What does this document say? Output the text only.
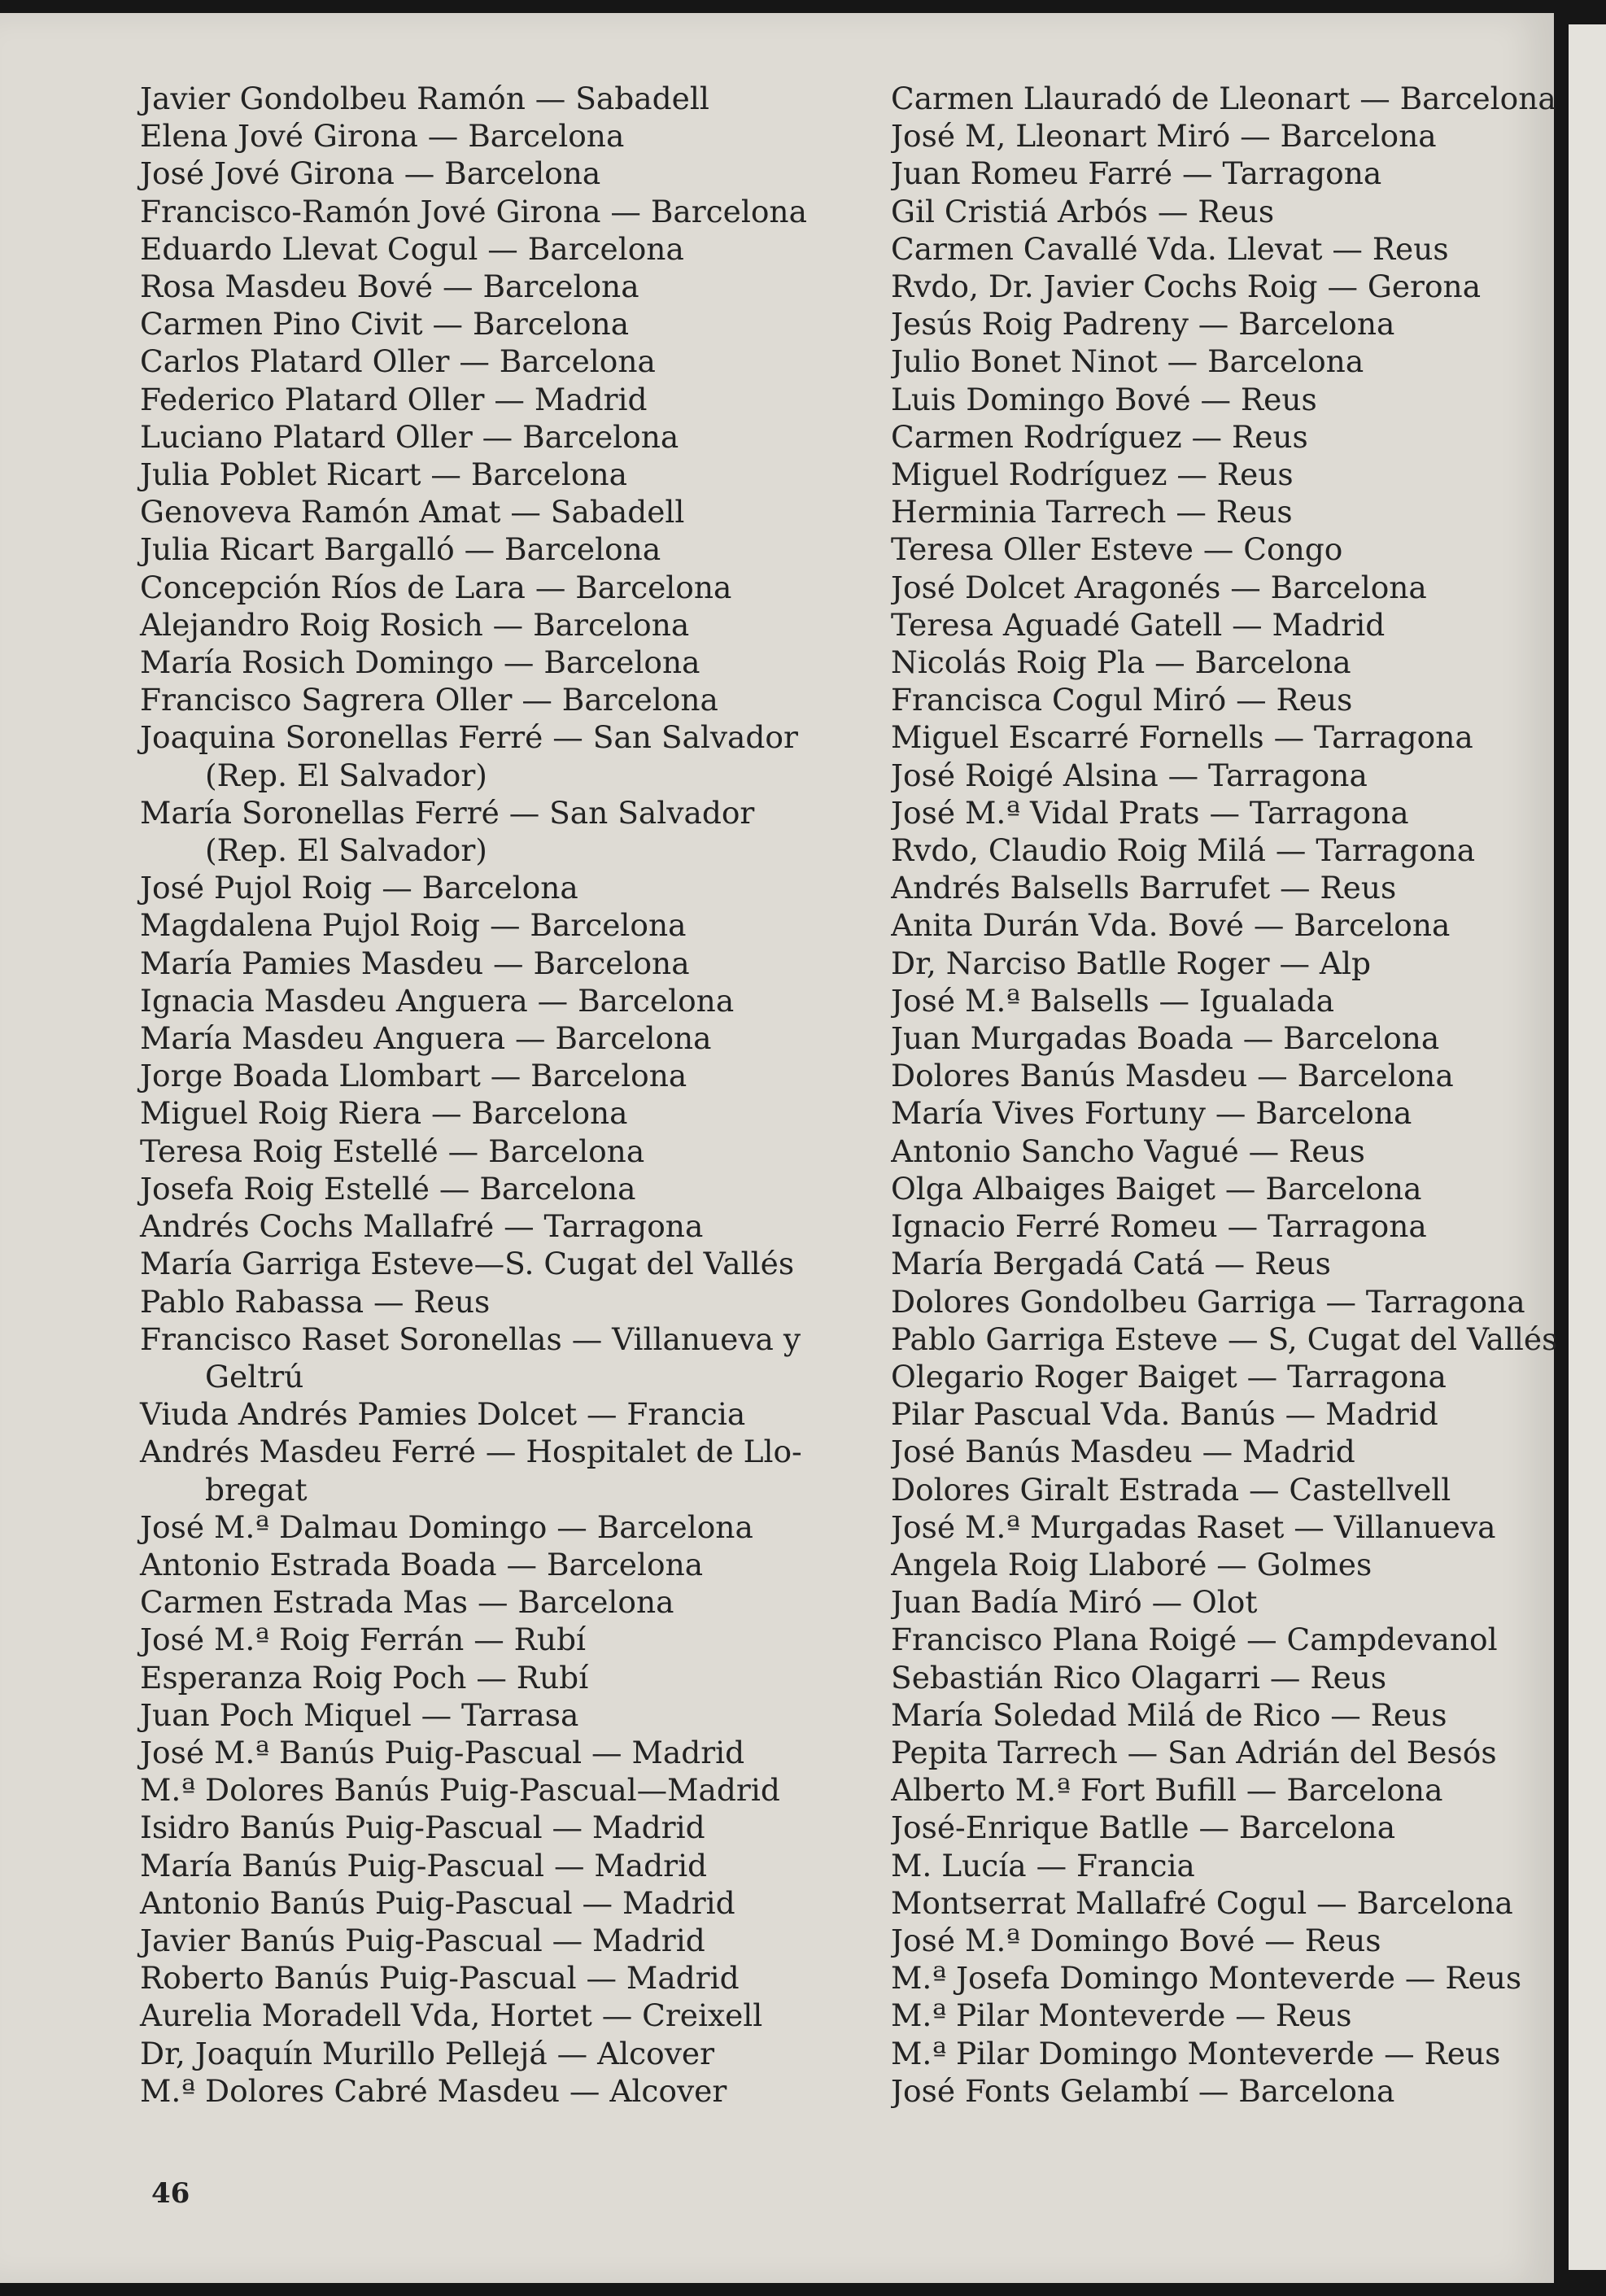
Javier Gondolbeu Ramón — Sabadell
Elena Jové Girona — Barcelona
José Jové Girona — Barcelona
Francisco-Ramón Jové Girona — Barcelona
Eduardo Llevat Cogul — Barcelona
Rosa Masdeu Bové — Barcelona
Carmen Pino Civit — Barcelona
Carlos Platard Oller — Barcelona
Federico Platard Oller — Madrid
Luciano Platard Oller — Barcelona
Julia Poblet Ricart — Barcelona
Genoveva Ramón Amat — Sabadell
Julia Ricart Bargalló — Barcelona
Concepción Ríos de Lara — Barcelona
Alejandro Roig Rosich — Barcelona
María Rosich Domingo — Barcelona
Francisco Sagrera Oller — Barcelona
Joaquina Soronellas Ferré — San Salvador
(Rep. El Salvador)
María Soronellas Ferré — San Salvador
(Rep. El Salvador)
José Pujol Roig — Barcelona
Magdalena Pujol Roig — Barcelona
María Pamies Masdeu — Barcelona
Ignacia Masdeu Anguera — Barcelona
María Masdeu Anguera — Barcelona
Jorge Boada Llombart — Barcelona
Miguel Roig Riera — Barcelona
Teresa Roig Estellé — Barcelona
Josefa Roig Estellé — Barcelona
Andrés Cochs Mallafré — Tarragona
María Garriga Esteve—S. Cugat del Vallés
Pablo Rabassa — Reus
Francisco Raset Soronellas — Villanueva y
Geltrú
Viuda Andrés Pamies Dolcet — Francia
Andrés Masdeu Ferré — Hospitalet de Llo-
bregat
José M.ª Dalmau Domingo — Barcelona
Antonio Estrada Boada — Barcelona
Carmen Estrada Mas — Barcelona
José M.ª Roig Ferrán — Rubí
Esperanza Roig Poch — Rubí
Juan Poch Miquel — Tarrasa
José M.ª Banús Puig-Pascual — Madrid
M.ª Dolores Banús Puig-Pascual—Madrid
Isidro Banús Puig-Pascual — Madrid
María Banús Puig-Pascual — Madrid
Antonio Banús Puig-Pascual — Madrid
Javier Banús Puig-Pascual — Madrid
Roberto Banús Puig-Pascual — Madrid
Aurelia Moradell Vda, Hortet — Creixell
Dr, Joaquín Murillo Pellejá — Alcover
M.ª Dolores Cabré Masdeu — Alcover
Carmen Llauradó de Lleonart — Barcelona
José M, Lleonart Miró — Barcelona
Juan Romeu Farré — Tarragona
Gil Cristiá Arbós — Reus
Carmen Cavallé Vda. Llevat — Reus
Rvdo, Dr. Javier Cochs Roig — Gerona
Jesús Roig Padreny — Barcelona
Julio Bonet Ninot — Barcelona
Luis Domingo Bové — Reus
Carmen Rodríguez — Reus
Miguel Rodríguez — Reus
Herminia Tarrech — Reus
Teresa Oller Esteve — Congo
José Dolcet Aragonés — Barcelona
Teresa Aguadé Gatell — Madrid
Nicolás Roig Pla — Barcelona
Francisca Cogul Miró — Reus
Miguel Escarré Fornells — Tarragona
José Roigé Alsina — Tarragona
José M.ª Vidal Prats — Tarragona
Rvdo, Claudio Roig Milá — Tarragona
Andrés Balsells Barrufet — Reus
Anita Durán Vda. Bové — Barcelona
Dr, Narciso Batlle Roger — Alp
José M.ª Balsells — Igualada
Juan Murgadas Boada — Barcelona
Dolores Banús Masdeu — Barcelona
María Vives Fortuny — Barcelona
Antonio Sancho Vagué — Reus
Olga Albaiges Baiget — Barcelona
Ignacio Ferré Romeu — Tarragona
María Bergadá Catá — Reus
Dolores Gondolbeu Garriga — Tarragona
Pablo Garriga Esteve — S, Cugat del Vallés
Olegario Roger Baiget — Tarragona
Pilar Pascual Vda. Banús — Madrid
José Banús Masdeu — Madrid
Dolores Giralt Estrada — Castellvell
José M.ª Murgadas Raset — Villanueva
Angela Roig Llaboré — Golmes
Juan Badía Miró — Olot
Francisco Plana Roigé — Campdevanol
Sebastián Rico Olagarri — Reus
María Soledad Milá de Rico — Reus
Pepita Tarrech — San Adrián del Besós
Alberto M.ª Fort Bufill — Barcelona
José-Enrique Batlle — Barcelona
M. Lucía — Francia
Montserrat Mallafré Cogul — Barcelona
José M.ª Domingo Bové — Reus
M.ª Josefa Domingo Monteverde — Reus
M.ª Pilar Monteverde — Reus
M.ª Pilar Domingo Monteverde — Reus
José Fonts Gelambí — Barcelona
46
